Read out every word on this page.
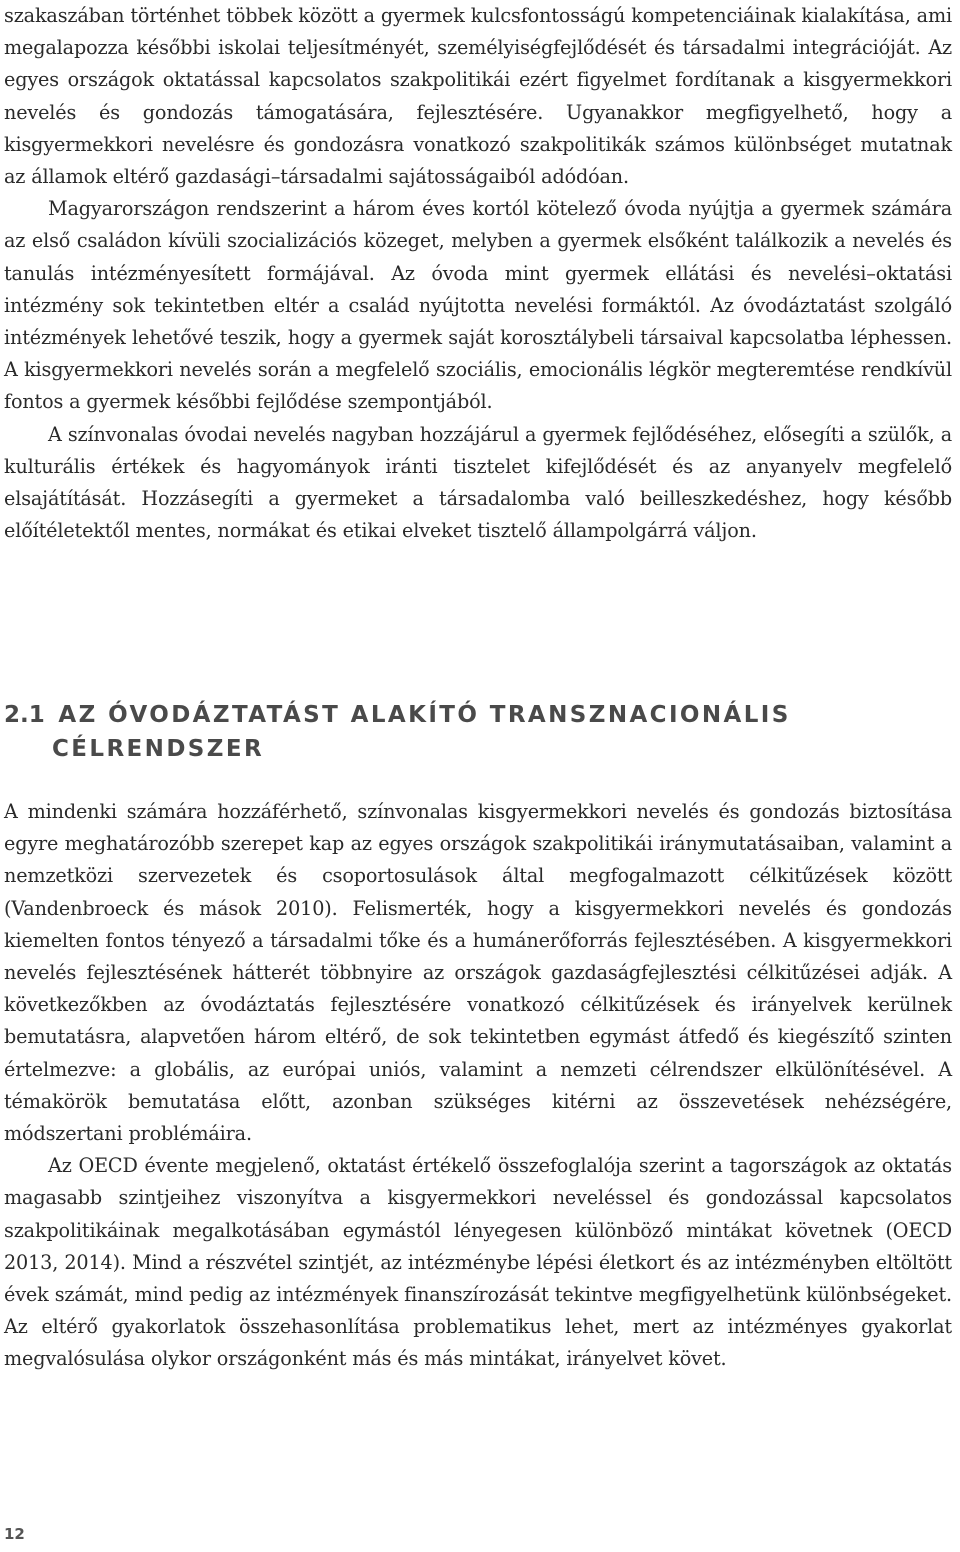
szakaszában történhet többek között a gyermek kulcsfontosságú kompetenciáinak kialakítása, ami megalapozza későbbi iskolai teljesítményét, személyiségfejlődését és társadalmi integrációját. Az egyes országok oktatással kapcsolatos szakpolitikái ezért figyelmet fordítanak a kisgyermekkori nevelés és gondozás támogatására, fejlesztésére. Ugyanakkor megfigyelhető, hogy a kisgyermekkori nevelésre és gondozásra vonatkozó szakpolitikák számos különbséget mutatnak az államok eltérő gazdasági–társadalmi sajátosságaiból adódóan.

Magyarországon rendszerint a három éves kortól kötelező óvoda nyújtja a gyermek számára az első családon kívüli szocializációs közeget, melyben a gyermek elsőként találkozik a nevelés és tanulás intézményesített formájával. Az óvoda mint gyermek ellátási és nevelési–oktatási intézmény sok tekintetben eltér a család nyújtotta nevelési formáktól. Az óvodáztatást szolgáló intézmények lehetővé teszik, hogy a gyermek saját korosztálybeli társaival kapcsolatba léphessen. A kisgyermekkori nevelés során a megfelelő szociális, emocionális légkör megteremtése rendkívül fontos a gyermek későbbi fejlődése szempontjából.

A színvonalas óvodai nevelés nagyban hozzájárul a gyermek fejlődéséhez, elősegíti a szülők, a kulturális értékek és hagyományok iránti tisztelet kifejlődését és az anyanyelv megfelelő elsajátítását. Hozzásegíti a gyermeket a társadalomba való beilleszkedéshez, hogy később előítéletektől mentes, normákat és etikai elveket tisztelő állampolgárrá váljon.

2.1 AZ ÓVODÁZTATÁST ALAKÍTÓ TRANSZNACIONÁLIS
CÉLRENDSZER

A mindenki számára hozzáférhető, színvonalas kisgyermekkori nevelés és gondozás biztosítása egyre meghatározóbb szerepet kap az egyes országok szakpolitikái iránymutatásaiban, valamint a nemzetközi szervezetek és csoportosulások által megfogalmazott célkitűzések között (Vandenbroeck és mások 2010). Felismerték, hogy a kisgyermekkori nevelés és gondozás kiemelten fontos tényező a társadalmi tőke és a humánerőforrás fejlesztésében. A kisgyermekkori nevelés fejlesztésének hátterét többnyire az országok gazdaságfejlesztési célkitűzései adják. A következőkben az óvodáztatás fejlesztésére vonatkozó célkitűzések és irányelvek kerülnek bemutatásra, alapvetően három eltérő, de sok tekintetben egymást átfedő és kiegészítő szinten értelmezve: a globális, az európai uniós, valamint a nemzeti célrendszer elkülönítésével. A témakörök bemutatása előtt, azonban szükséges kitérni az összevetések nehézségére, módszertani problémáira.

Az OECD évente megjelenő, oktatást értékelő összefoglalója szerint a tagországok az oktatás magasabb szintjeihez viszonyítva a kisgyermekkori neveléssel és gondozással kapcsolatos szakpolitikáinak megalkotásában egymástól lényegesen különböző mintákat követnek (OECD 2013, 2014). Mind a részvétel szintjét, az intézménybe lépési életkort és az intézményben eltöltött évek számát, mind pedig az intézmények finanszírozását tekintve megfigyelhetünk különbségeket. Az eltérő gyakorlatok összehasonlítása problematikus lehet, mert az intézményes gyakorlat megvalósulása olykor országonként más és más mintákat, irányelvet követ.

12
